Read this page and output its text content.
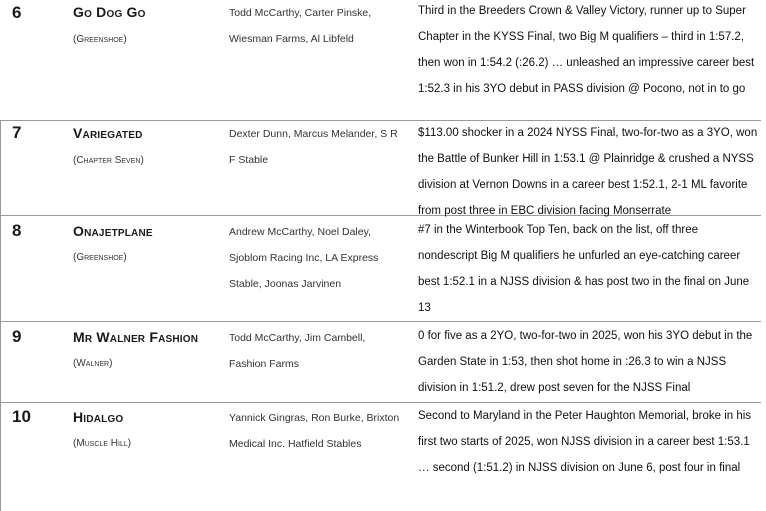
6	Go Dog Go
(Greenshoe)
Todd McCarthy, Carter Pinske, Wiesman Farms, Al Libfeld
Third in the Breeders Crown & Valley Victory, runner up to Super Chapter in the KYSS Final, two Big M qualifiers – third in 1:57.2, then won in 1:54.2 (:26.2) … unleashed an impressive career best 1:52.3 in his 3YO debut in PASS division @ Pocono, not in to go
7	Variegated
(Chapter Seven)
Dexter Dunn, Marcus Melander, S R F Stable
$113.00 shocker in a 2024 NYSS Final, two-for-two as a 3YO, won the Battle of Bunker Hill in 1:53.1 @ Plainridge & crushed a NYSS division at Vernon Downs in a career best 1:52.1, 2-1 ML favorite from post three in EBC division facing Monserrate
8	Onajetplane
(Greenshoe)
Andrew McCarthy, Noel Daley, Sjoblom Racing Inc, LA Express Stable, Joonas Jarvinen
#7 in the Winterbook Top Ten, back on the list, off three nondescript Big M qualifiers he unfurled an eye-catching career best 1:52.1 in a NJSS division & has post two in the final on June 13
9	Mr Walner Fashion
(Walner)
Todd McCarthy, Jim Cambell, Fashion Farms
0 for five as a 2YO, two-for-two in 2025, won his 3YO debut in the Garden State in 1:53, then shot home in :26.3 to win a NJSS division in 1:51.2, drew post seven for the NJSS Final
10	Hidalgo
(Muscle Hill)
Yannick Gingras, Ron Burke, Brixton Medical Inc. Hatfield Stables
Second to Maryland in the Peter Haughton Memorial, broke in his first two starts of 2025, won NJSS division in a career best 1:53.1 … second (1:51.2) in NJSS division on June 6, post four in final
